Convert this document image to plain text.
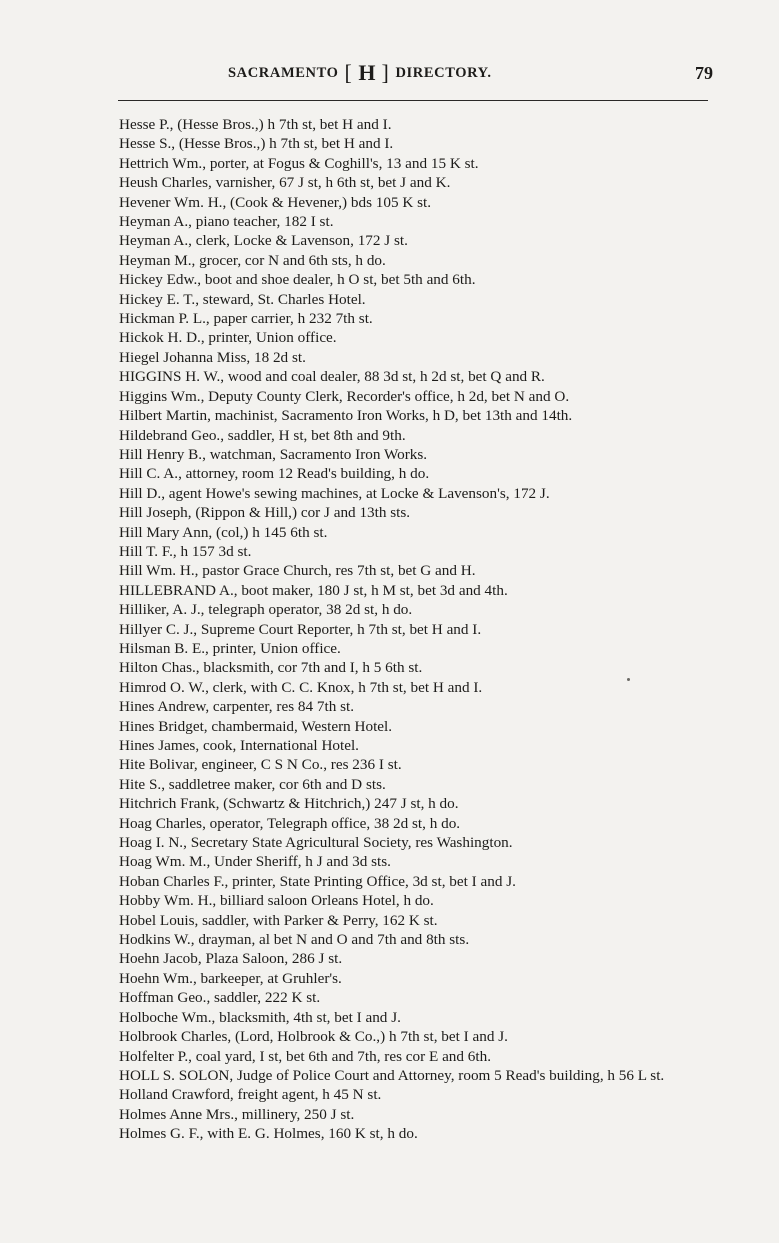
SACRAMENTO [ H ] DIRECTORY.	79
Hesse P., (Hesse Bros.,) h 7th st, bet H and I.
Hesse S., (Hesse Bros.,) h 7th st, bet H and I.
Hettrich Wm., porter, at Fogus & Coghill's, 13 and 15 K st.
Heush Charles, varnisher, 67 J st, h 6th st, bet J and K.
Hevener Wm. H., (Cook & Hevener,) bds 105 K st.
Heyman A., piano teacher, 182 I st.
Heyman A., clerk, Locke & Lavenson, 172 J st.
Heyman M., grocer, cor N and 6th sts, h do.
Hickey Edw., boot and shoe dealer, h O st, bet 5th and 6th.
Hickey E. T., steward, St. Charles Hotel.
Hickman P. L., paper carrier, h 232 7th st.
Hickok H. D., printer, Union office.
Hiegel Johanna Miss, 18 2d st.
HIGGINS H. W., wood and coal dealer, 88 3d st, h 2d st, bet Q and R.
Higgins Wm., Deputy County Clerk, Recorder's office, h 2d, bet N and O.
Hilbert Martin, machinist, Sacramento Iron Works, h D, bet 13th and 14th.
Hildebrand Geo., saddler, H st, bet 8th and 9th.
Hill Henry B., watchman, Sacramento Iron Works.
Hill C. A., attorney, room 12 Read's building, h do.
Hill D., agent Howe's sewing machines, at Locke & Lavenson's, 172 J.
Hill Joseph, (Rippon & Hill,) cor J and 13th sts.
Hill Mary Ann, (col,) h 145 6th st.
Hill T. F., h 157 3d st.
Hill Wm. H., pastor Grace Church, res 7th st, bet G and H.
HILLEBRAND A., boot maker, 180 J st, h M st, bet 3d and 4th.
Hilliker, A. J., telegraph operator, 38 2d st, h do.
Hillyer C. J., Supreme Court Reporter, h 7th st, bet H and I.
Hilsman B. E., printer, Union office.
Hilton Chas., blacksmith, cor 7th and I, h 5 6th st.
Himrod O. W., clerk, with C. C. Knox, h 7th st, bet H and I.
Hines Andrew, carpenter, res 84 7th st.
Hines Bridget, chambermaid, Western Hotel.
Hines James, cook, International Hotel.
Hite Bolivar, engineer, C S N Co., res 236 I st.
Hite S., saddletree maker, cor 6th and D sts.
Hitchrich Frank, (Schwartz & Hitchrich,) 247 J st, h do.
Hoag Charles, operator, Telegraph office, 38 2d st, h do.
Hoag I. N., Secretary State Agricultural Society, res Washington.
Hoag Wm. M., Under Sheriff, h J and 3d sts.
Hoban Charles F., printer, State Printing Office, 3d st, bet I and J.
Hobby Wm. H., billiard saloon Orleans Hotel, h do.
Hobel Louis, saddler, with Parker & Perry, 162 K st.
Hodkins W., drayman, al bet N and O and 7th and 8th sts.
Hoehn Jacob, Plaza Saloon, 286 J st.
Hoehn Wm., barkeeper, at Gruhler's.
Hoffman Geo., saddler, 222 K st.
Holboche Wm., blacksmith, 4th st, bet I and J.
Holbrook Charles, (Lord, Holbrook & Co.,) h 7th st, bet I and J.
Holfelter P., coal yard, I st, bet 6th and 7th, res cor E and 6th.
HOLL S. SOLON, Judge of Police Court and Attorney, room 5 Read's building, h 56 L st.
Holland Crawford, freight agent, h 45 N st.
Holmes Anne Mrs., millinery, 250 J st.
Holmes G. F., with E. G. Holmes, 160 K st, h do.
